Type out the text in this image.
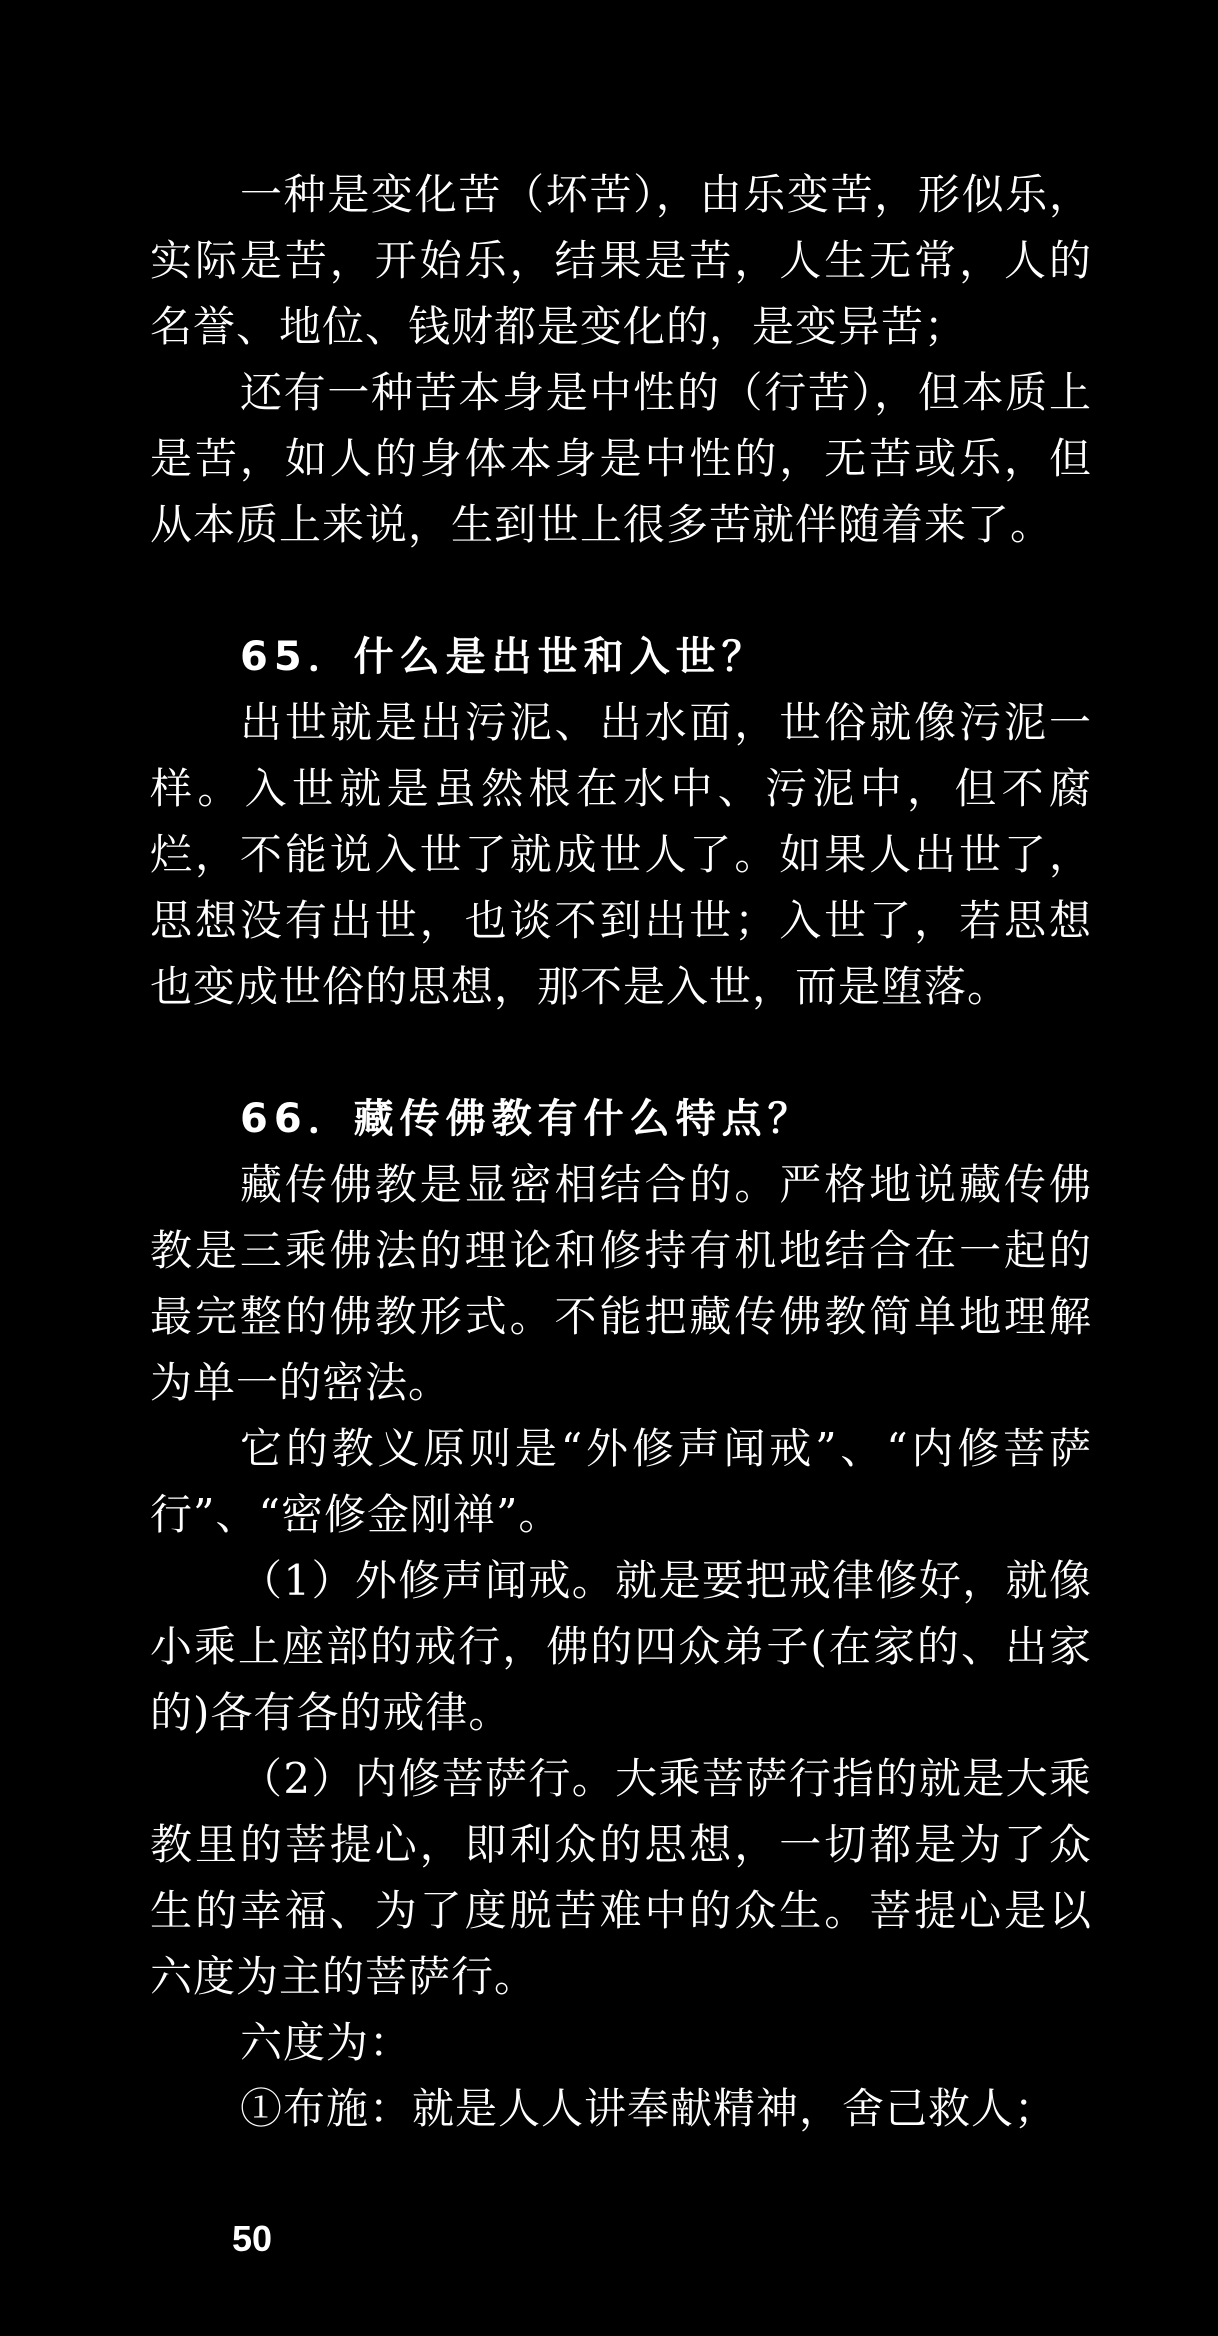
一种是变化苦（坏苦），由乐变苦，形似乐，实际是苦，开始乐，结果是苦，人生无常，人的名誉、地位、钱财都是变化的，是变异苦；

还有一种苦本身是中性的（行苦），但本质上是苦，如人的身体本身是中性的，无苦或乐，但从本质上来说，生到世上很多苦就伴随着来了。

65．什么是出世和入世？

出世就是出污泥、出水面，世俗就像污泥一样。入世就是虽然根在水中、污泥中，但不腐烂，不能说入世了就成世人了。如果人出世了，思想没有出世，也谈不到出世；入世了，若思想也变成世俗的思想，那不是入世，而是堕落。

66．藏传佛教有什么特点？

藏传佛教是显密相结合的。严格地说藏传佛教是三乘佛法的理论和修持有机地结合在一起的最完整的佛教形式。不能把藏传佛教简单地理解为单一的密法。

它的教义原则是“外修声闻戒”、“内修菩萨行”、“密修金刚禅”。

（1）外修声闻戒。就是要把戒律修好，就像小乘上座部的戒行，佛的四众弟子(在家的、出家的)各有各的戒律。

（2）内修菩萨行。大乘菩萨行指的就是大乘教里的菩提心，即利众的思想，一切都是为了众生的幸福、为了度脱苦难中的众生。菩提心是以六度为主的菩萨行。

六度为：

①布施：就是人人讲奉献精神，舍己救人；

50
